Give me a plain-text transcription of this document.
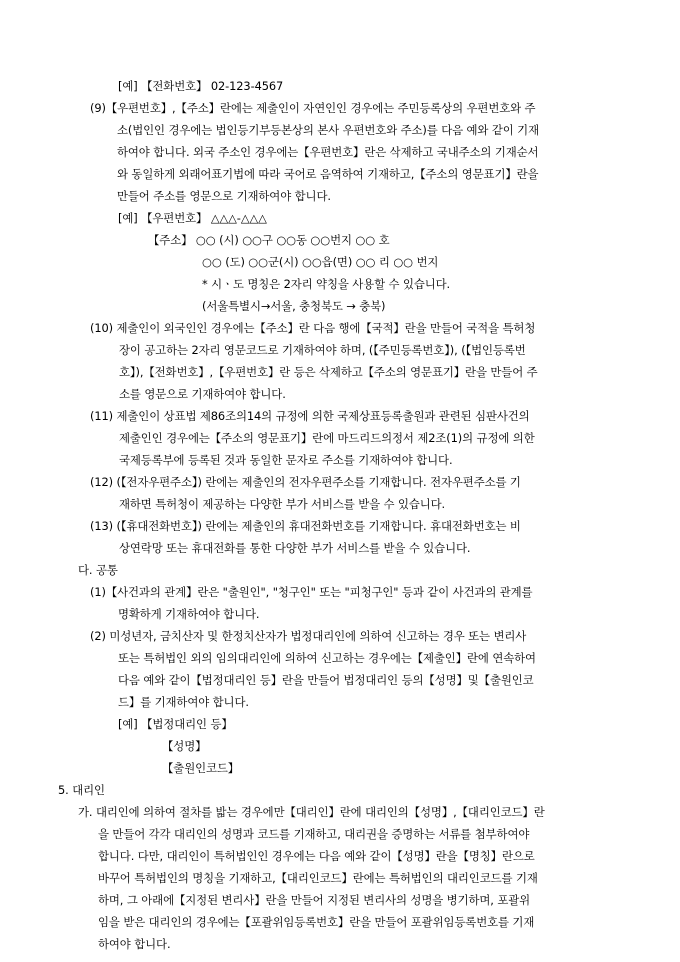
[예] 【전화번호】 02-123-4567

(9)【우편번호】,【주소】란에는 제출인이 자연인인 경우에는 주민등록상의 우편번호와 주

소(법인인 경우에는 법인등기부등본상의 본사 우편번호와 주소)를 다음 예와 같이 기재

하여야 합니다. 외국 주소인 경우에는【우편번호】란은 삭제하고 국내주소의 기재순서

와 동일하게 외래어표기법에 따라 국어로 음역하여 기재하고,【주소의 영문표기】란을

만들어 주소를 영문으로 기재하여야 합니다.

[예] 【우편번호】 △△△-△△△

【주소】 ○○ (시) ○○구 ○○동 ○○번지 ○○ 호

○○ (도) ○○군(시) ○○읍(면) ○○ 리 ○○ 번지

* 시ㆍ도 명칭은 2자리 약칭을 사용할 수 있습니다.

(서울특별시→서울, 충청북도 → 충북)

(10) 제출인이 외국인인 경우에는【주소】란 다음 행에【국적】란을 만들어 국적을 특허청

장이 공고하는 2자리 영문코드로 기재하여야 하며, (【주민등록번호】), (【법인등록번

호】),【전화번호】,【우편번호】란 등은 삭제하고【주소의 영문표기】란을 만들어 주

소를 영문으로 기재하여야 합니다.

(11) 제출인이 상표법 제86조의14의 규정에 의한 국제상표등록출원과 관련된 심판사건의

제출인인 경우에는【주소의 영문표기】란에 마드리드의정서 제2조(1)의 규정에 의한

국제등록부에 등록된 것과 동일한 문자로 주소를 기재하여야 합니다.

(12) (【전자우편주소】) 란에는 제출인의 전자우편주소를 기재합니다. 전자우편주소를 기

재하면 특허청이 제공하는 다양한 부가 서비스를 받을 수 있습니다.

(13) (【휴대전화번호】) 란에는 제출인의 휴대전화번호를 기재합니다. 휴대전화번호는 비

상연락망 또는 휴대전화를 통한 다양한 부가 서비스를 받을 수 있습니다.

다. 공통

(1)【사건과의 관계】란은 "출원인", "청구인" 또는 "피청구인" 등과 같이 사건과의 관계를

명확하게 기재하여야 합니다.

(2) 미성년자, 금치산자 및 한정치산자가 법정대리인에 의하여 신고하는 경우 또는 변리사

또는 특허법인 외의 임의대리인에 의하여 신고하는 경우에는【제출인】란에 연속하여

다음 예와 같이【법정대리인 등】란을 만들어 법정대리인 등의【성명】및【출원인코

드】를 기재하여야 합니다.

[예] 【법정대리인 등】

【성명】

【출원인코드】

5. 대리인

가. 대리인에 의하여 절차를 밟는 경우에만【대리인】란에 대리인의【성명】,【대리인코드】란

을 만들어 각각 대리인의 성명과 코드를 기재하고, 대리권을 증명하는 서류를 첨부하여야

합니다. 다만, 대리인이 특허법인인 경우에는 다음 예와 같이【성명】란을【명칭】란으로

바꾸어 특허법인의 명칭을 기재하고,【대리인코드】란에는 특허법인의 대리인코드를 기재

하며, 그 아래에【지정된 변리사】란을 만들어 지정된 변리사의 성명을 병기하며, 포괄위

임을 받은 대리인의 경우에는【포괄위임등록번호】란을 만들어 포괄위임등록번호를 기재

하여야 합니다.
